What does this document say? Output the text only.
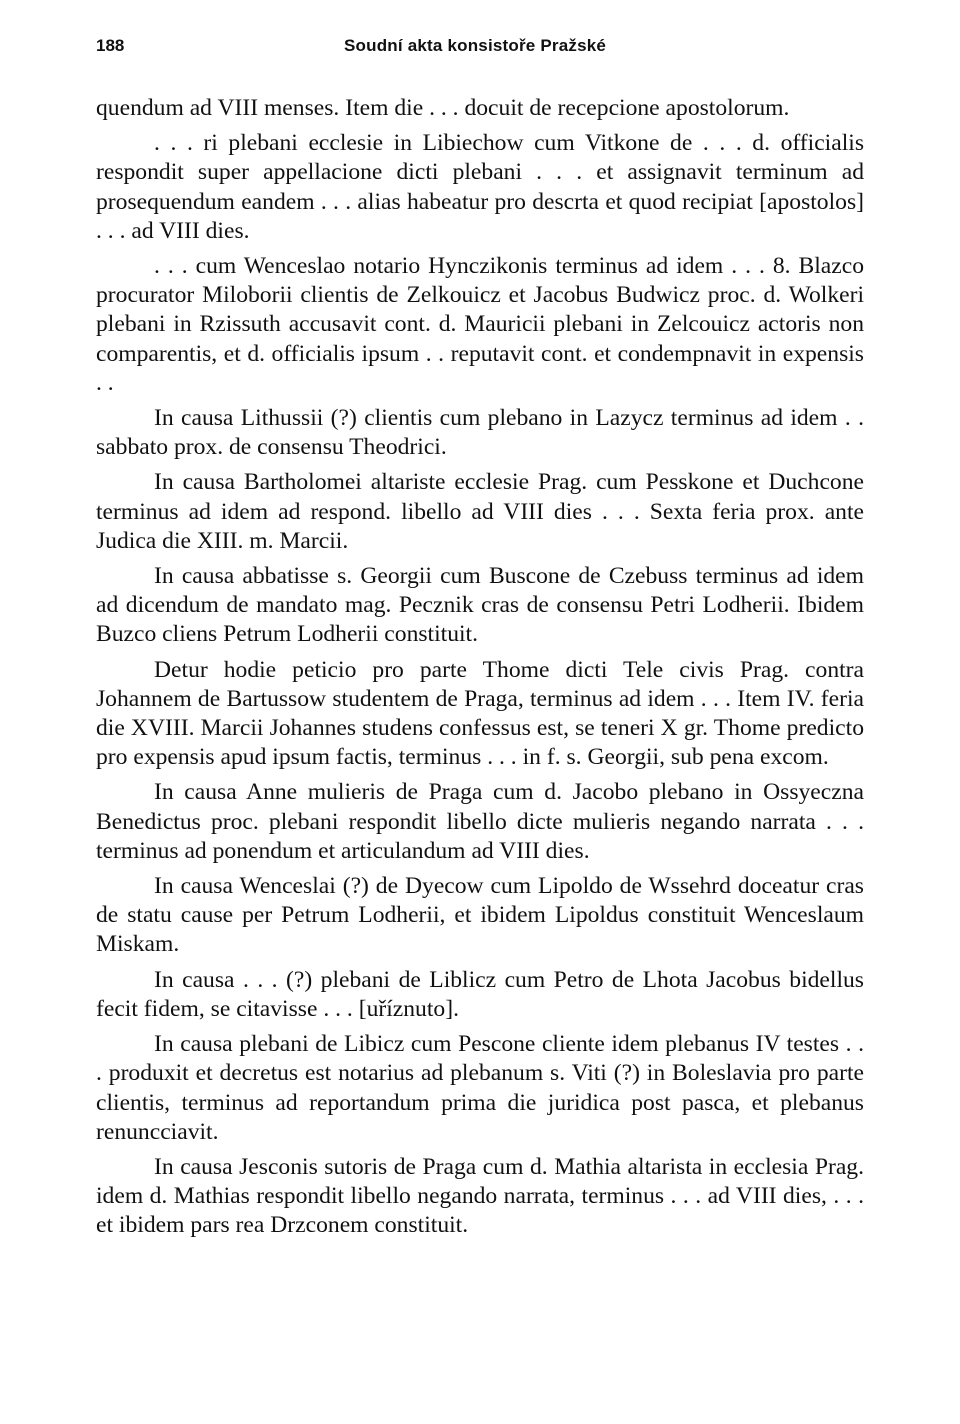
188	Soudní akta konsistoře Pražské

quendum ad VIII menses. Item die . . . docuit de recepcione apostolorum.

. . . ri plebani ecclesie in Libiechow cum Vitkone de . . . d. officialis respondit super appellacione dicti plebani . . . et assignavit terminum ad prosequendum eandem . . . alias habeatur pro descrta et quod recipiat [apostolos] . . . ad VIII dies.

. . . cum Wenceslao notario Hynczikonis terminus ad idem . . . 8. Blazco procurator Miloborii clientis de Zelkouicz et Jacobus Budwicz proc. d. Wolkeri plebani in Rzissuth accusavit cont. d. Mauricii plebani in Zelcouicz actoris non comparentis, et d. officialis ipsum . . reputavit cont. et condempnavit in expensis . .

In causa Lithussii (?) clientis cum plebano in Lazycz terminus ad idem . . sabbato prox. de consensu Theodrici.

In causa Bartholomei altariste ecclesie Prag. cum Pesskone et Duchcone terminus ad idem ad respond. libello ad VIII dies . . . Sexta feria prox. ante Judica die XIII. m. Marcii.

In causa abbatisse s. Georgii cum Buscone de Czebuss terminus ad idem ad dicendum de mandato mag. Pecznik cras de consensu Petri Lodherii. Ibidem Buzco cliens Petrum Lodherii constituit.

Detur hodie peticio pro parte Thome dicti Tele civis Prag. contra Johannem de Bartussow studentem de Praga, terminus ad idem . . . Item IV. feria die XVIII. Marcii Johannes studens confessus est, se teneri X gr. Thome predicto pro expensis apud ipsum factis, terminus . . . in f. s. Georgii, sub pena excom.

In causa Anne mulieris de Praga cum d. Jacobo plebano in Ossyeczna Benedictus proc. plebani respondit libello dicte mulieris negando narrata . . . terminus ad ponendum et articulandum ad VIII dies.

In causa Wenceslai (?) de Dyecow cum Lipoldo de Wssehrd doceatur cras de statu cause per Petrum Lodherii, et ibidem Lipoldus constituit Wenceslaum Miskam.

In causa . . . (?) plebani de Liblicz cum Petro de Lhota Jacobus bidellus fecit fidem, se citavisse . . . [uříznuto].

In causa plebani de Libicz cum Pescone cliente idem plebanus IV testes . . . produxit et decretus est notarius ad plebanum s. Viti (?) in Boleslavia pro parte clientis, terminus ad reportandum prima die juridica post pasca, et plebanus renuncciavit.

In causa Jesconis sutoris de Praga cum d. Mathia altarista in ecclesia Prag. idem d. Mathias respondit libello negando narrata, terminus . . . ad VIII dies, . . . et ibidem pars rea Drzconem constituit.
